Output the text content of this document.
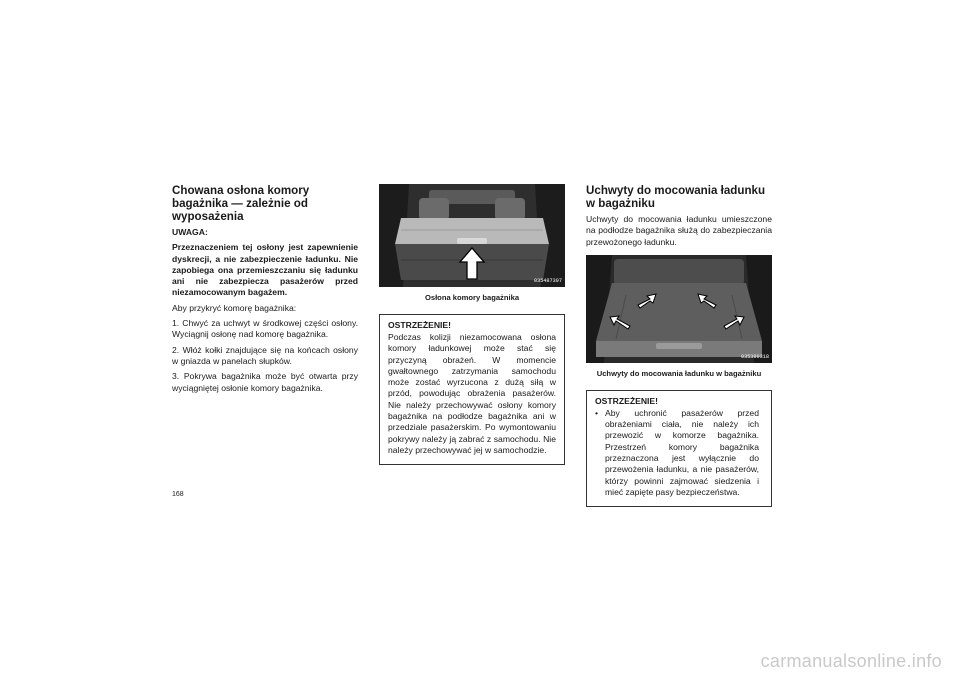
Chowana osłona komory bagażnika — zależnie od wyposażenia

UWAGA:

Przeznaczeniem tej osłony jest zapewnienie dyskrecji, a nie zabezpieczenie ładunku. Nie zapobiega ona przemieszczaniu się ładunku ani nie zabezpiecza pasażerów przed niezamocowanym bagażem.

Aby przykryć komorę bagażnika:

1. Chwyć za uchwyt w środkowej części osłony. Wyciągnij osłonę nad komorę bagażnika.

2. Włóż kołki znajdujące się na końcach osłony w gniazda w panelach słupków.

3. Pokrywa bagażnika może być otwarta przy wyciągniętej osłonie komory bagażnika.

035487397
Osłona komory bagażnika

OSTRZEŻENIE!

Podczas kolizji niezamocowana osłona komory ładunkowej może stać się przyczyną obrażeń. W momencie gwałtownego zatrzymania samochodu może zostać wyrzucona z dużą siłą w przód, powodując obrażenia pasażerów. Nie należy przechowywać osłony komory bagażnika na podłodze bagażnika ani w przedziale pasażerskim. Po wymontowaniu pokrywy należy ją zabrać z samochodu. Nie należy przechowywać jej w samochodzie.

Uchwyty do mocowania ładunku w bagażniku

Uchwyty do mocowania ładunku umieszczone na podłodze bagażnika służą do zabezpieczania przewożonego ładunku.

035380318
Uchwyty do mocowania ładunku w bagażniku

OSTRZEŻENIE!

• Aby uchronić pasażerów przed obrażeniami ciała, nie należy ich przewozić w komorze bagażnika. Przestrzeń komory bagażnika przeznaczona jest wyłącznie do przewożenia ładunku, a nie pasażerów, którzy powinni zajmować siedzenia i mieć zapięte pasy bezpieczeństwa.
168
carmanualsonline.info
